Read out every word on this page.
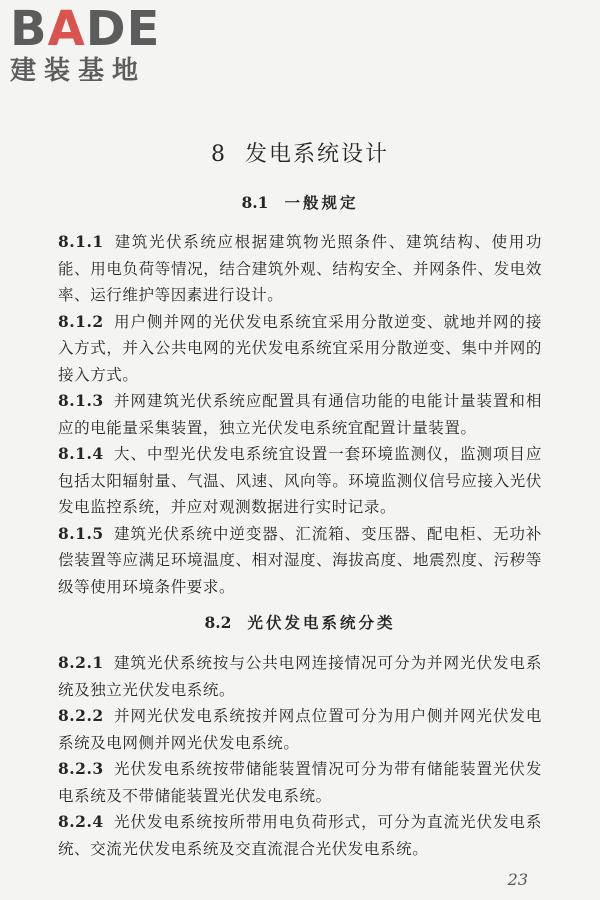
BADE
建装基地
8 发电系统设计
8.1 一般规定

8.1.1 建筑光伏系统应根据建筑物光照条件、建筑结构、使用功能、用电负荷等情况，结合建筑外观、结构安全、并网条件、发电效率、运行维护等因素进行设计。

8.1.2 用户侧并网的光伏发电系统宜采用分散逆变、就地并网的接入方式，并入公共电网的光伏发电系统宜采用分散逆变、集中并网的接入方式。

8.1.3 并网建筑光伏系统应配置具有通信功能的电能计量装置和相应的电能量采集装置，独立光伏发电系统宜配置计量装置。

8.1.4 大、中型光伏发电系统宜设置一套环境监测仪，监测项目应包括太阳辐射量、气温、风速、风向等。环境监测仪信号应接入光伏发电监控系统，并应对观测数据进行实时记录。

8.1.5 建筑光伏系统中逆变器、汇流箱、变压器、配电柜、无功补偿装置等应满足环境温度、相对湿度、海拔高度、地震烈度、污秽等级等使用环境条件要求。

8.2 光伏发电系统分类

8.2.1 建筑光伏系统按与公共电网连接情况可分为并网光伏发电系统及独立光伏发电系统。

8.2.2 并网光伏发电系统按并网点位置可分为用户侧并网光伏发电系统及电网侧并网光伏发电系统。

8.2.3 光伏发电系统按带储能装置情况可分为带有储能装置光伏发电系统及不带储能装置光伏发电系统。

8.2.4 光伏发电系统按所带用电负荷形式，可分为直流光伏发电系统、交流光伏发电系统及交直流混合光伏发电系统。

23
